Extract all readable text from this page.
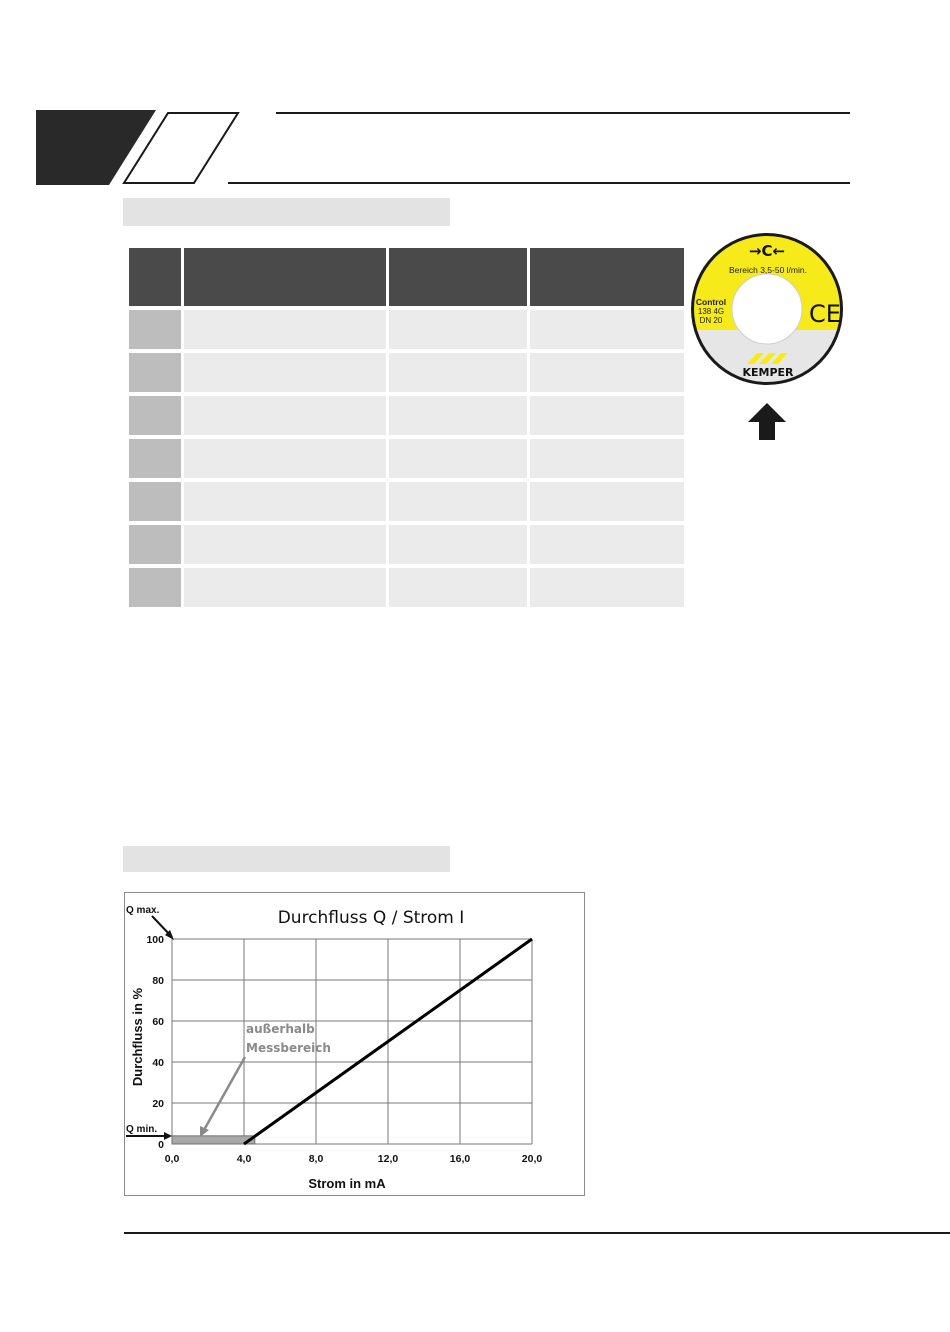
→C←
Bereich 3,5-50 l/min.
Control
138 4G
DN 20	CE
KEMPER
Durchfluss Q / Strom I
0,0	4,0	8,0	12,0	16,0	20,0
0
20
40
60
80
100
Strom in mA
Durchfluss in %
Q max.
Q min.
außerhalb
Messbereich
